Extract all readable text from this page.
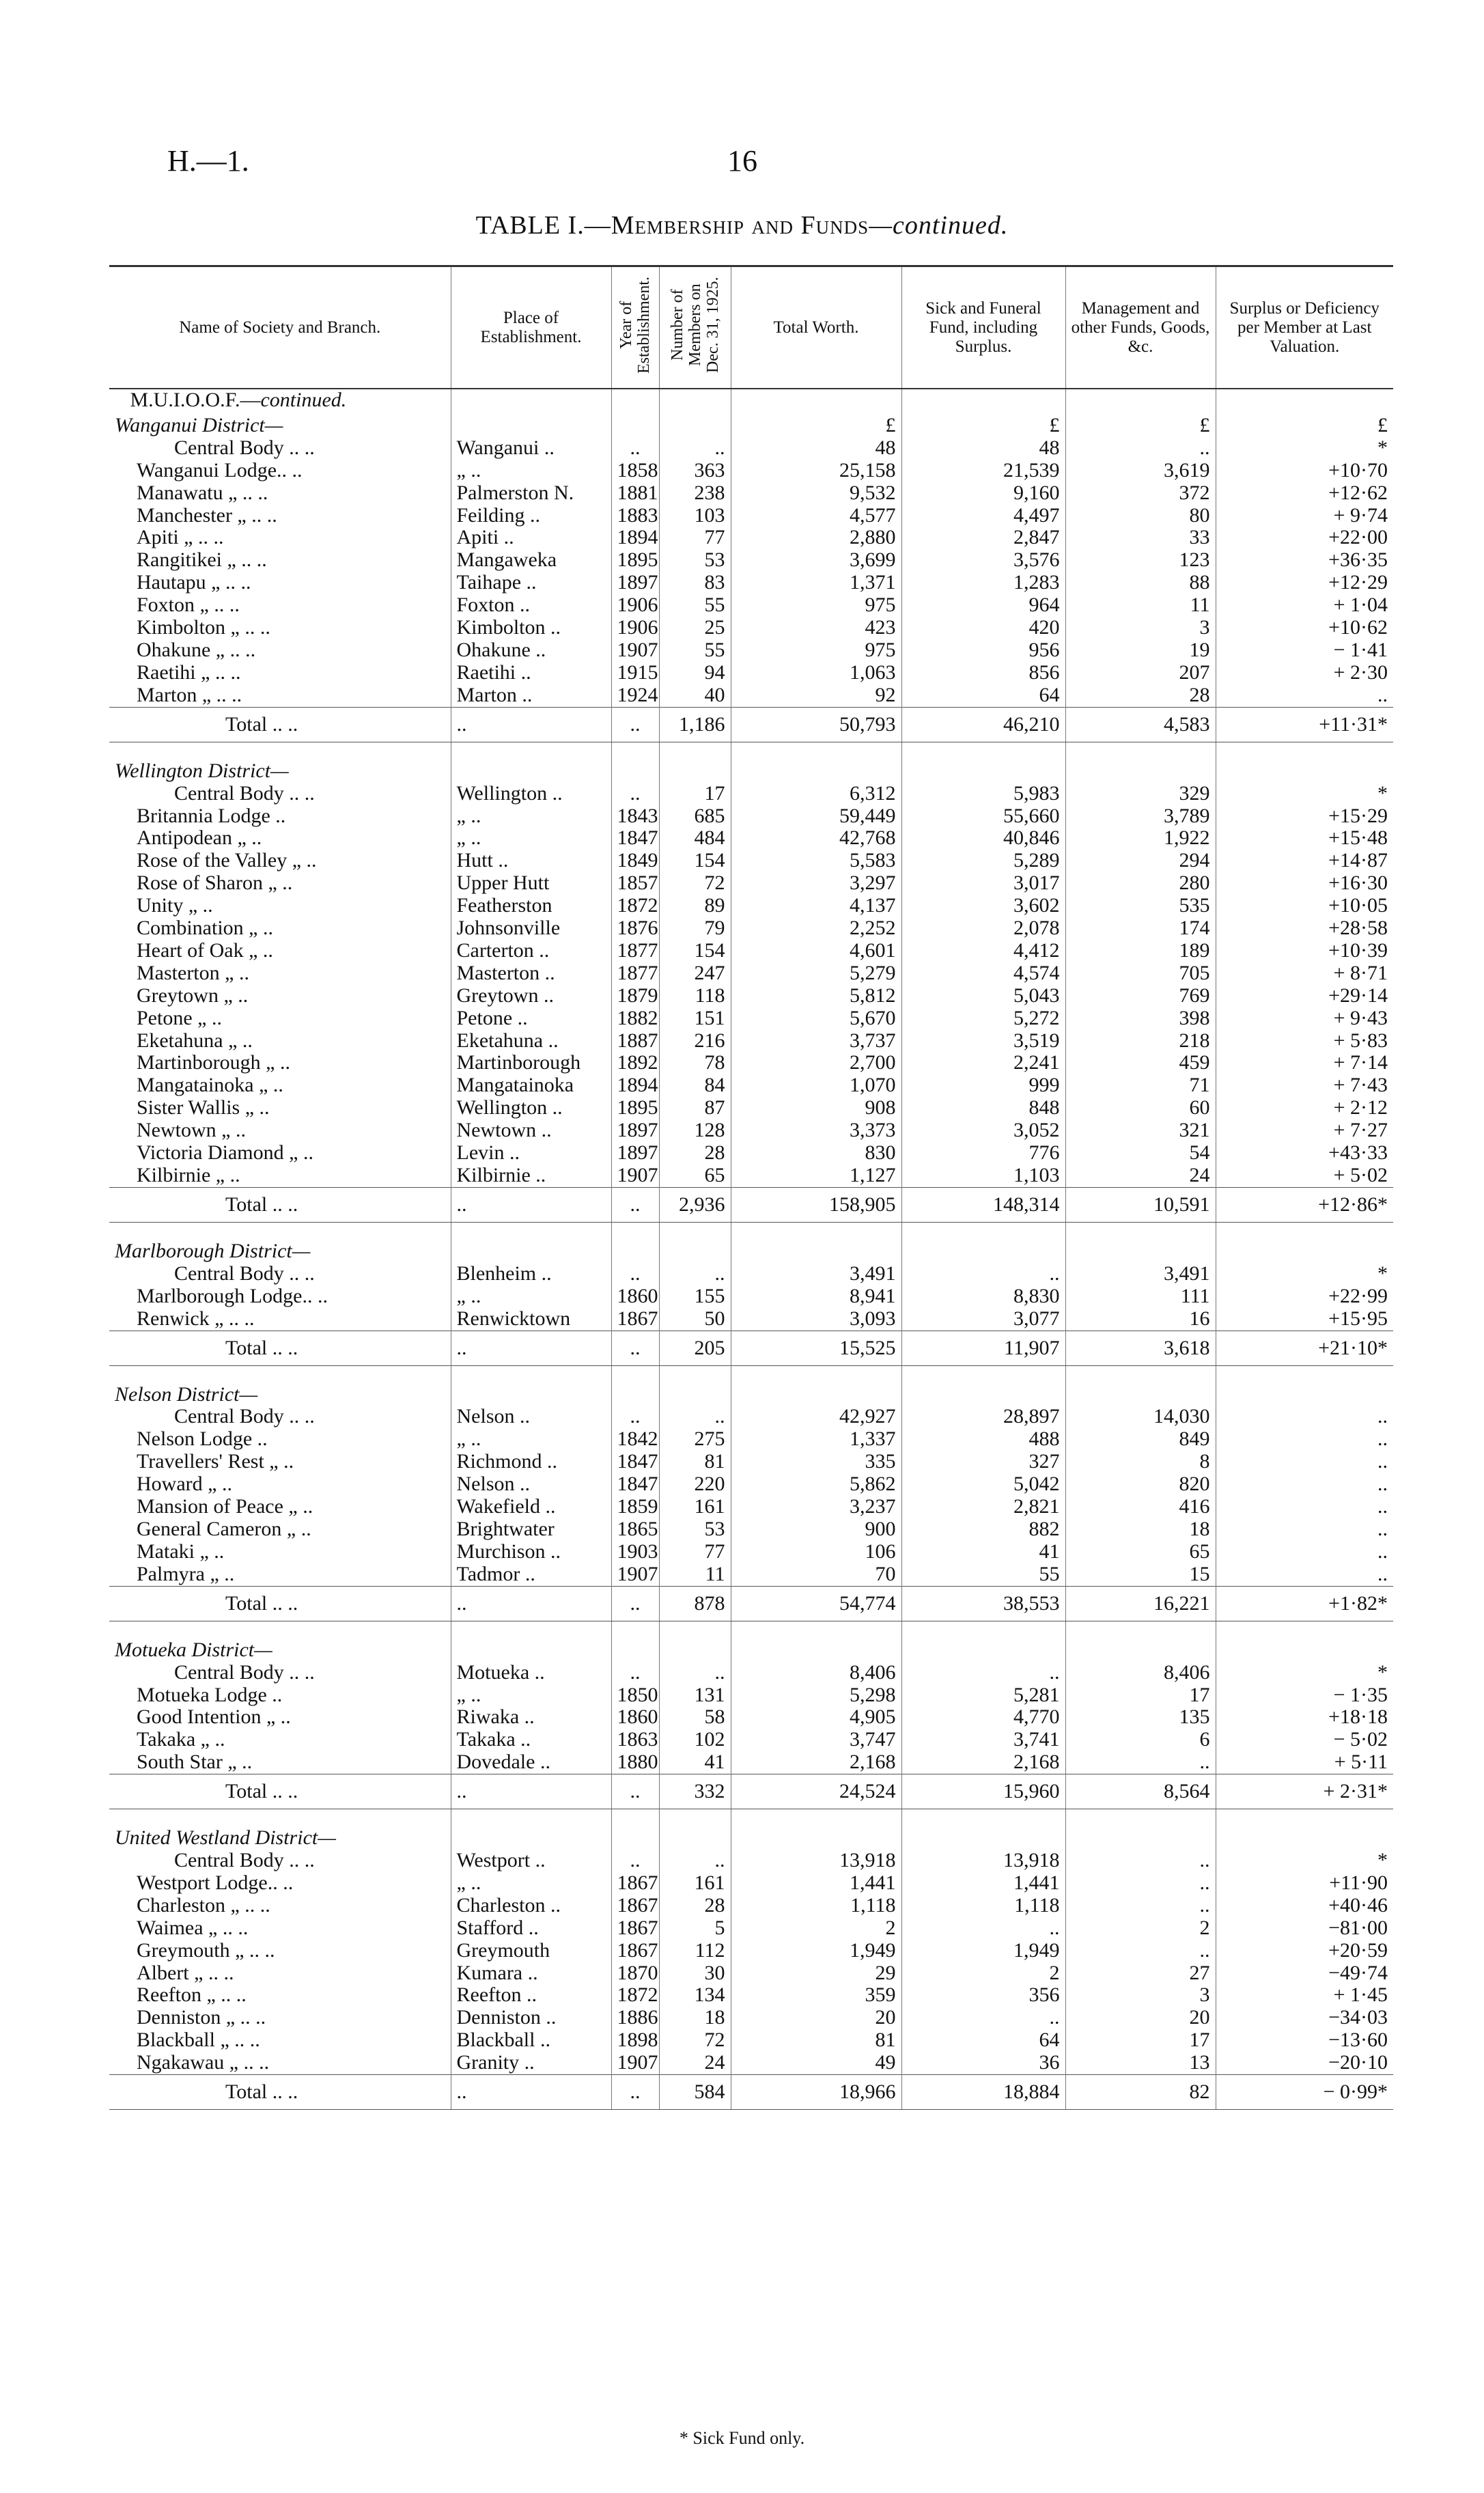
H.—1.	16
TABLE I.—Membership and Funds—continued.
Name of Society and Branch.	Place of Establishment.	Year of Establishment.	Number of Members on Dec. 31, 1925.	Total Worth.	Sick and Funeral Fund, including Surplus.	Management and other Funds, Goods, &c.	Surplus or Deficiency per Member at Last Valuation.
M.U.I.O.O.F.—continued.							
Wanganui District—				£	£	£	£
Central Body .. ..	Wanganui ..	..	..	48	48	..	*
Wanganui Lodge.. ..	„ ..	1858	363	25,158	21,539	3,619	+10·70
Manawatu „ .. ..	Palmerston N.	1881	238	9,532	9,160	372	+12·62
Manchester „ .. ..	Feilding ..	1883	103	4,577	4,497	80	+ 9·74
Apiti „ .. ..	Apiti ..	1894	77	2,880	2,847	33	+22·00
Rangitikei „ .. ..	Mangaweka	1895	53	3,699	3,576	123	+36·35
Hautapu „ .. ..	Taihape ..	1897	83	1,371	1,283	88	+12·29
Foxton „ .. ..	Foxton ..	1906	55	975	964	11	+ 1·04
Kimbolton „ .. ..	Kimbolton ..	1906	25	423	420	3	+10·62
Ohakune „ .. ..	Ohakune ..	1907	55	975	956	19	− 1·41
Raetihi „ .. ..	Raetihi ..	1915	94	1,063	856	207	+ 2·30
Marton „ .. ..	Marton ..	1924	40	92	64	28	..
Total .. ..	..	..	1,186	50,793	46,210	4,583	+11·31*

Wellington District—							
Central Body .. ..	Wellington ..	..	17	6,312	5,983	329	*
Britannia Lodge ..	„ ..	1843	685	59,449	55,660	3,789	+15·29
Antipodean „ ..	„ ..	1847	484	42,768	40,846	1,922	+15·48
Rose of the Valley „ ..	Hutt ..	1849	154	5,583	5,289	294	+14·87
Rose of Sharon „ ..	Upper Hutt	1857	72	3,297	3,017	280	+16·30
Unity „ ..	Featherston	1872	89	4,137	3,602	535	+10·05
Combination „ ..	Johnsonville	1876	79	2,252	2,078	174	+28·58
Heart of Oak „ ..	Carterton ..	1877	154	4,601	4,412	189	+10·39
Masterton „ ..	Masterton ..	1877	247	5,279	4,574	705	+ 8·71
Greytown „ ..	Greytown ..	1879	118	5,812	5,043	769	+29·14
Petone „ ..	Petone ..	1882	151	5,670	5,272	398	+ 9·43
Eketahuna „ ..	Eketahuna ..	1887	216	3,737	3,519	218	+ 5·83
Martinborough „ ..	Martinborough	1892	78	2,700	2,241	459	+ 7·14
Mangatainoka „ ..	Mangatainoka	1894	84	1,070	999	71	+ 7·43
Sister Wallis „ ..	Wellington ..	1895	87	908	848	60	+ 2·12
Newtown „ ..	Newtown ..	1897	128	3,373	3,052	321	+ 7·27
Victoria Diamond „ ..	Levin ..	1897	28	830	776	54	+43·33
Kilbirnie „ ..	Kilbirnie ..	1907	65	1,127	1,103	24	+ 5·02
Total .. ..	..	..	2,936	158,905	148,314	10,591	+12·86*

Marlborough District—							
Central Body .. ..	Blenheim ..	..	..	3,491	..	3,491	*
Marlborough Lodge.. ..	„ ..	1860	155	8,941	8,830	111	+22·99
Renwick „ .. ..	Renwicktown	1867	50	3,093	3,077	16	+15·95
Total .. ..	..	..	205	15,525	11,907	3,618	+21·10*

Nelson District—							
Central Body .. ..	Nelson ..	..	..	42,927	28,897	14,030	..
Nelson Lodge ..	„ ..	1842	275	1,337	488	849	..
Travellers' Rest „ ..	Richmond ..	1847	81	335	327	8	..
Howard „ ..	Nelson ..	1847	220	5,862	5,042	820	..
Mansion of Peace „ ..	Wakefield ..	1859	161	3,237	2,821	416	..
General Cameron „ ..	Brightwater	1865	53	900	882	18	..
Mataki „ ..	Murchison ..	1903	77	106	41	65	..
Palmyra „ ..	Tadmor ..	1907	11	70	55	15	..
Total .. ..	..	..	878	54,774	38,553	16,221	+1·82*

Motueka District—							
Central Body .. ..	Motueka ..	..	..	8,406	..	8,406	*
Motueka Lodge ..	„ ..	1850	131	5,298	5,281	17	− 1·35
Good Intention „ ..	Riwaka ..	1860	58	4,905	4,770	135	+18·18
Takaka „ ..	Takaka ..	1863	102	3,747	3,741	6	− 5·02
South Star „ ..	Dovedale ..	1880	41	2,168	2,168	..	+ 5·11
Total .. ..	..	..	332	24,524	15,960	8,564	+ 2·31*

United Westland District—							
Central Body .. ..	Westport ..	..	..	13,918	13,918	..	*
Westport Lodge.. ..	„ ..	1867	161	1,441	1,441	..	+11·90
Charleston „ .. ..	Charleston ..	1867	28	1,118	1,118	..	+40·46
Waimea „ .. ..	Stafford ..	1867	5	2	..	2	−81·00
Greymouth „ .. ..	Greymouth	1867	112	1,949	1,949	..	+20·59
Albert „ .. ..	Kumara ..	1870	30	29	2	27	−49·74
Reefton „ .. ..	Reefton ..	1872	134	359	356	3	+ 1·45
Denniston „ .. ..	Denniston ..	1886	18	20	..	20	−34·03
Blackball „ .. ..	Blackball ..	1898	72	81	64	17	−13·60
Ngakawau „ .. ..	Granity ..	1907	24	49	36	13	−20·10
Total .. ..	..	..	584	18,966	18,884	82	− 0·99*
* Sick Fund only.
